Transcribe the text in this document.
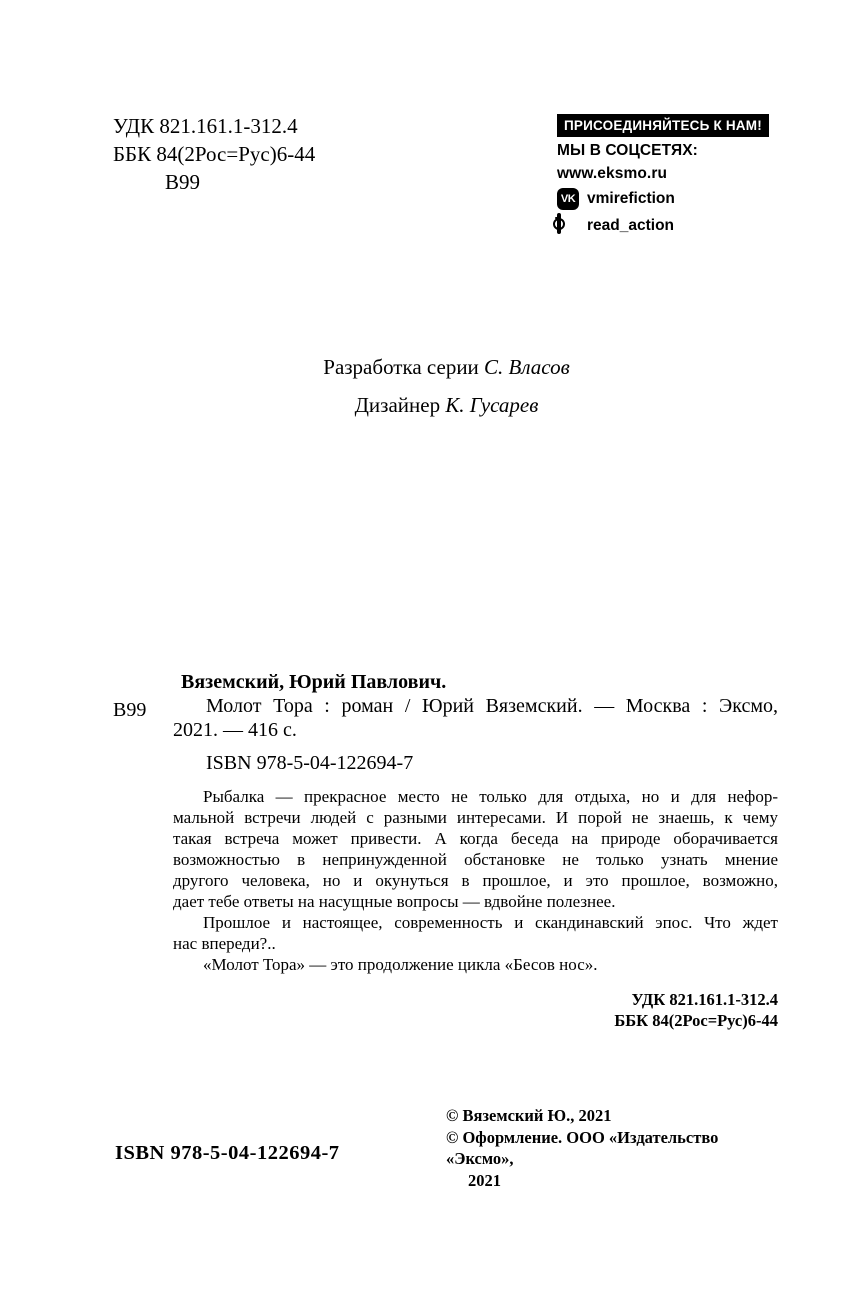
УДК 821.161.1-312.4
ББК 84(2Рос=Рус)6-44
В99
ПРИСОЕДИНЯЙТЕСЬ К НАМ!
МЫ В СОЦСЕТЯХ:
www.eksmo.ru
VK vmirefiction
read_action
Разработка серии С. Власов
Дизайнер К. Гусарев
В99
Вяземский, Юрий Павлович.
Молот Тора : роман / Юрий Вяземский. — Москва : Эксмо,
2021. — 416 с.
ISBN 978-5-04-122694-7
Рыбалка — прекрасное место не только для отдыха, но и для нефор-
мальной встречи людей с разными интересами. И порой не знаешь, к чему
такая встреча может привести. А когда беседа на природе оборачивается
возможностью в непринужденной обстановке не только узнать мнение
другого человека, но и окунуться в прошлое, и это прошлое, возможно,
дает тебе ответы на насущные вопросы — вдвойне полезнее.
Прошлое и настоящее, современность и скандинавский эпос. Что ждет
нас впереди?..
«Молот Тора» — это продолжение цикла «Бесов нос».
УДК 821.161.1-312.4
ББК 84(2Рос=Рус)6-44
© Вяземский Ю., 2021
© Оформление. ООО «Издательство «Эксмо»,
2021
ISBN 978-5-04-122694-7
